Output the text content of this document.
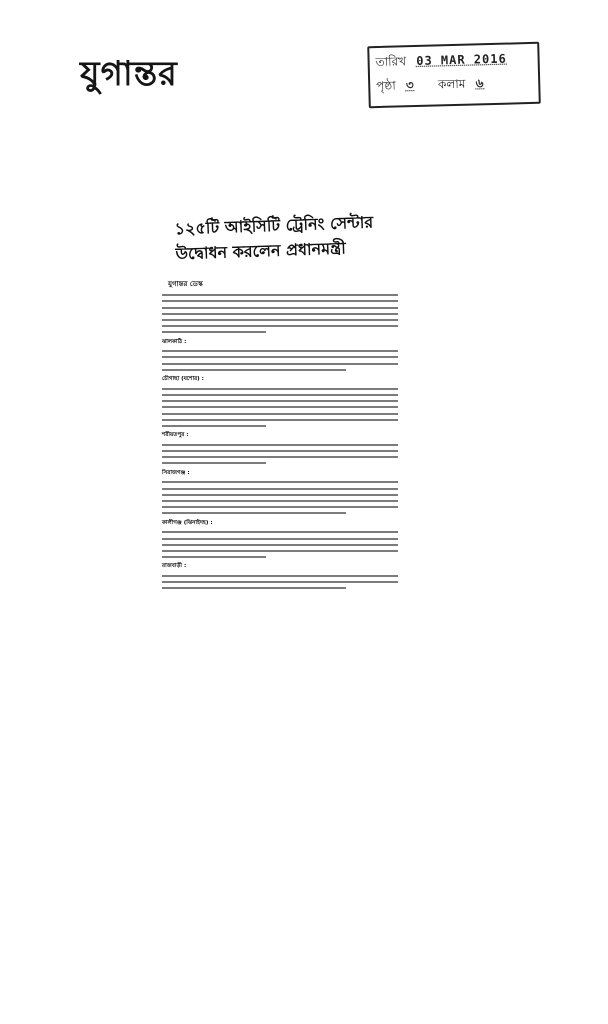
যুগান্তর	তারিখ 03 MAR 2016
পৃষ্ঠা ৩ কলাম ৬
১২৫টি আইসিটি ট্রেনিং সেন্টার
উদ্বোধন করলেন প্রধানমন্ত্রী
যুগান্তর ডেস্ক
ঝালকাঠি :
চৌগাছা (যশোর) :
শরীয়তপুর :
সিরাজগঞ্জ :
কালীগঞ্জ (ঝিনাইদহ) :
রাজবাড়ী :
